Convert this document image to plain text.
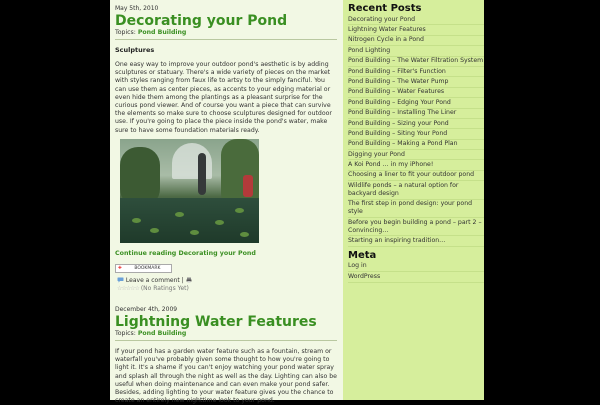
May 5th, 2010

Decorating your Pond
Topics: Pond Building

Sculptures

One easy way to improve your outdoor pond's aesthetic is by adding sculptures or statuary. There's a wide variety of pieces on the market with styles ranging from faux life to artsy to the simply fanciful. You can use them as center pieces, as accents to your edging material or even hide them among the plantings as a pleasant surprise for the curious pond viewer. And of course you want a piece that can survive the elements so make sure to choose sculptures designed for outdoor use. If you're going to place the piece inside the pond's water, make sure to have some foundation materials ready.

Continue reading Decorating your Pond
✚	BOOKMARK
Leave a comment |
☆☆☆☆☆ (No Ratings Yet)

December 4th, 2009

Lightning Water Features
Topics: Pond Building

If your pond has a garden water feature such as a fountain, stream or waterfall you've probably given some thought to how you're going to light it. It's a shame if you can't enjoy watching your pond water spray and splash all through the night as well as the day. Lighting can also be useful when doing maintenance and can even make your pond safer. Besides, adding lighting to your water feature gives you the chance to create an entirely new nighttime look to your pond.

Recent Posts
Decorating your Pond
Lightning Water Features
Nitrogen Cycle in a Pond
Pond Lighting
Pond Building – The Water Filtration System
Pond Building – Filter's Function
Pond Building – The Water Pump
Pond Building – Water Features
Pond Building – Edging Your Pond
Pond Building – Installing The Liner
Pond Building – Sizing your Pond
Pond Building – Siting Your Pond
Pond Building – Making a Pond Plan
Digging your Pond
A Koi Pond … in my iPhone!
Choosing a liner to fit your outdoor pond
Wildlife ponds – a natural option for backyard design
The first step in pond design: your pond style
Before you begin building a pond – part 2 – Convincing…
Starting an inspiring tradition…
Meta
Log in
WordPress
